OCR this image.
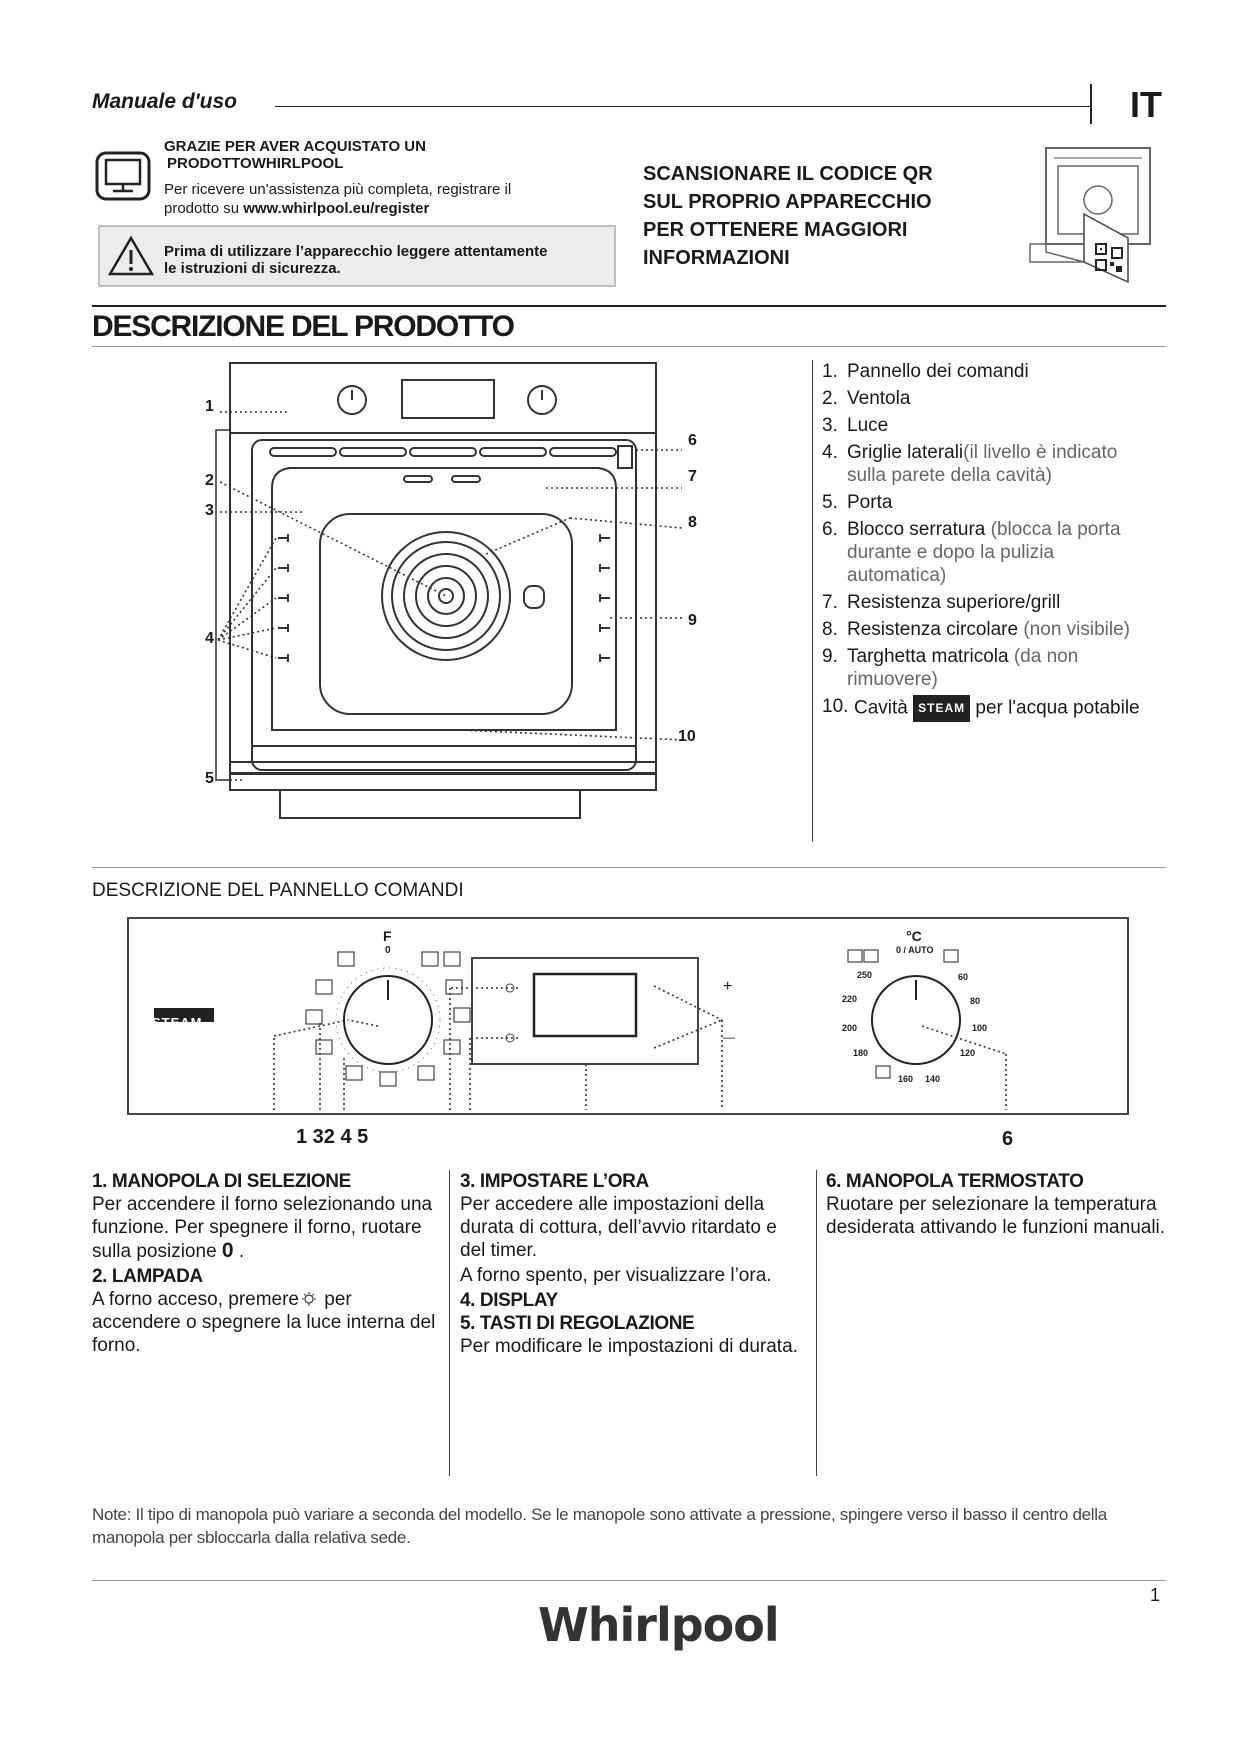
Manuale d'uso	IT
GRAZIE PER AVER ACQUISTATO UN
PRODOTTOWHIRLPOOL
Per ricevere un'assistenza più completa, registrare il
prodotto su www.whirlpool.eu/register
Prima di utilizzare l’apparecchio leggere attentamente
le istruzioni di sicurezza.
SCANSIONARE IL CODICE QR
SUL PROPRIO APPARECCHIO
PER OTTENERE MAGGIORI
INFORMAZIONI
DESCRIZIONE DEL PRODOTTO
1
2
3
4
5
6
7
8
9
10
1. Pannello dei comandi
2. Ventola
3. Luce
4. Griglie laterali(il livello è indicato sulla parete della cavità)
5. Porta
6. Blocco serratura (blocca la porta durante e dopo la pulizia automatica)
7. Resistenza superiore/grill
8. Resistenza circolare (non visibile)
9. Targhetta matricola (da non rimuovere)
10. Cavità STEAM per l'acqua potabile
DESCRIZIONE DEL PANNELLO COMANDI
STEAM
F
0
°C
0 / AUTO
250
220
200
180
160 140
120
100
80
60
+
—
1 32 4 5	6
1. MANOPOLA DI SELEZIONE

Per accendere il forno selezionando una funzione. Per spegnere il forno, ruotare sulla posizione 0 .

2. LAMPADA

A forno acceso, premere per accendere o spegnere la luce interna del forno.

3. IMPOSTARE L’ORA

Per accedere alle impostazioni della durata di cottura, dell’avvio ritardato e del timer.

A forno spento, per visualizzare l’ora.

4. DISPLAY
5. TASTI DI REGOLAZIONE

Per modificare le impostazioni di durata.

6. MANOPOLA TERMOSTATO

Ruotare per selezionare la temperatura desiderata attivando le funzioni manuali.

Note: Il tipo di manopola può variare a seconda del modello. Se le manopole sono attivate a pressione, spingere verso il basso il centro della manopola per sbloccarla dalla relativa sede.
1
Whirlpool
